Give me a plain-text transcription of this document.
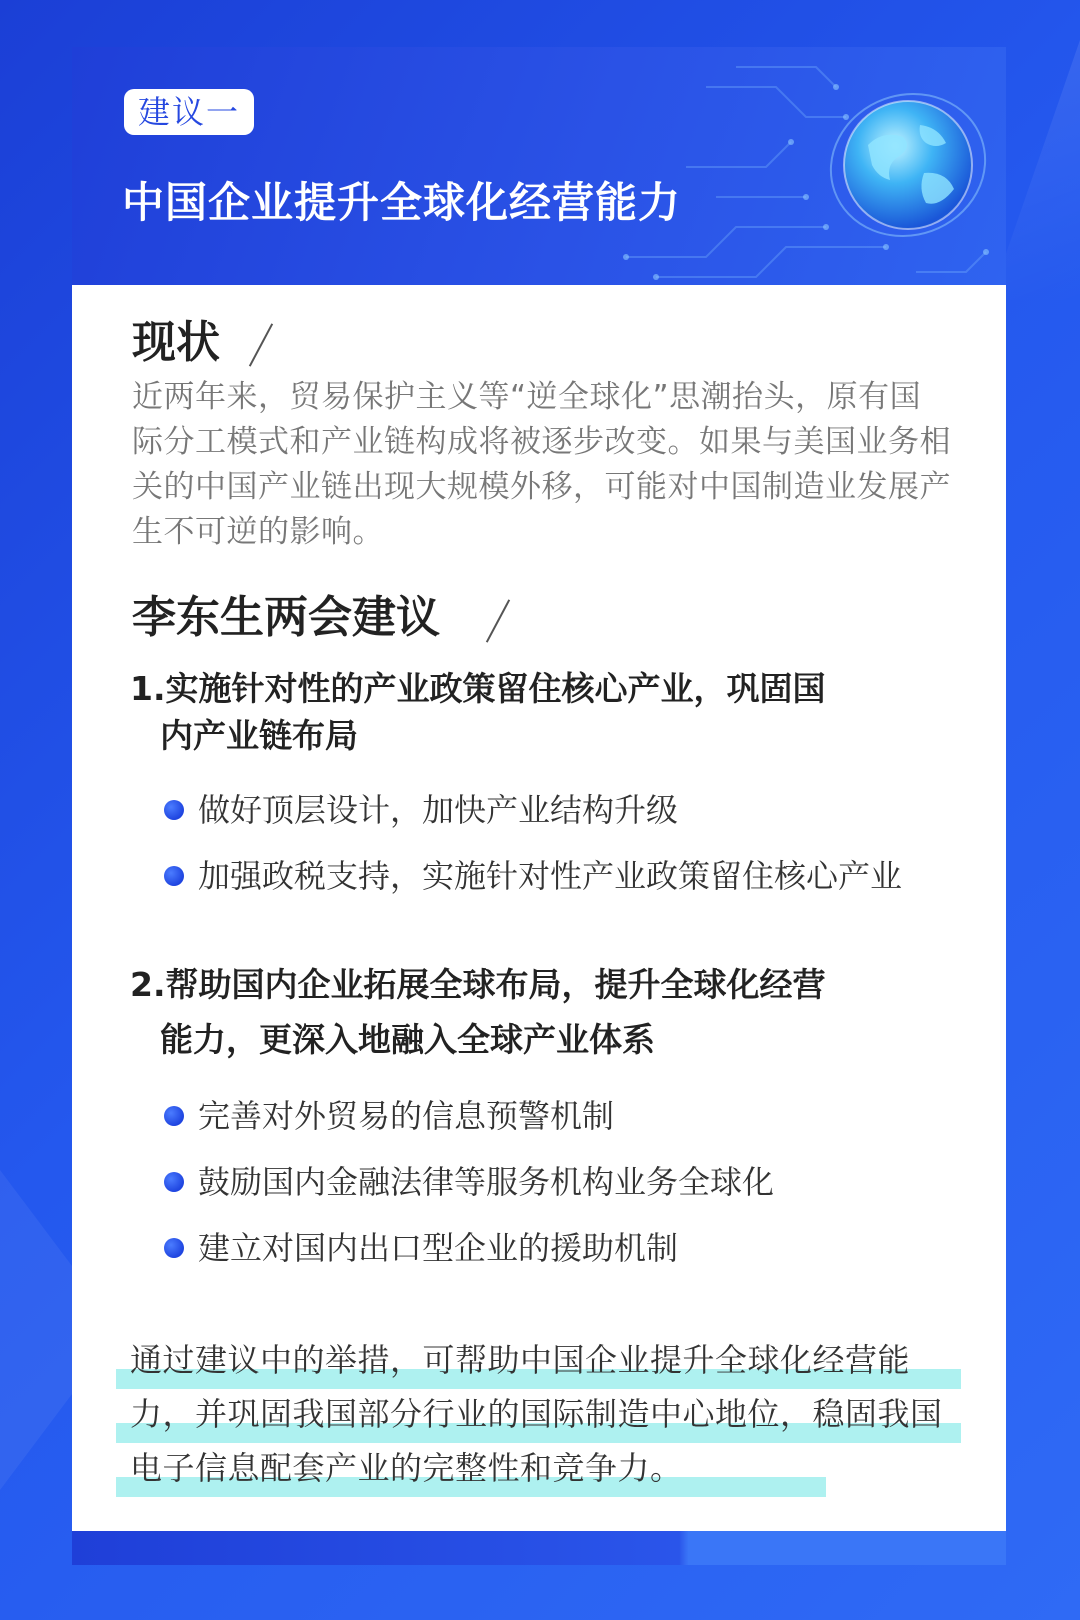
建议一
中国企业提升全球化经营能力
现状

近两年来，贸易保护主义等“逆全球化”思潮抬头，原有国际分工模式和产业链构成将被逐步改变。如果与美国业务相关的中国产业链出现大规模外移，可能对中国制造业发展产生不可逆的影响。

李东生两会建议

1.实施针对性的产业政策留住核心产业，巩固国
内产业链布局

做好顶层设计，加快产业结构升级
加强政税支持，实施针对性产业政策留住核心产业

2.帮助国内企业拓展全球布局，提升全球化经营
能力，更深入地融入全球产业体系

完善对外贸易的信息预警机制
鼓励国内金融法律等服务机构业务全球化
建立对国内出口型企业的援助机制

通过建议中的举措，可帮助中国企业提升全球化经营能力，并巩固我国部分行业的国际制造中心地位，稳固我国电子信息配套产业的完整性和竞争力。
